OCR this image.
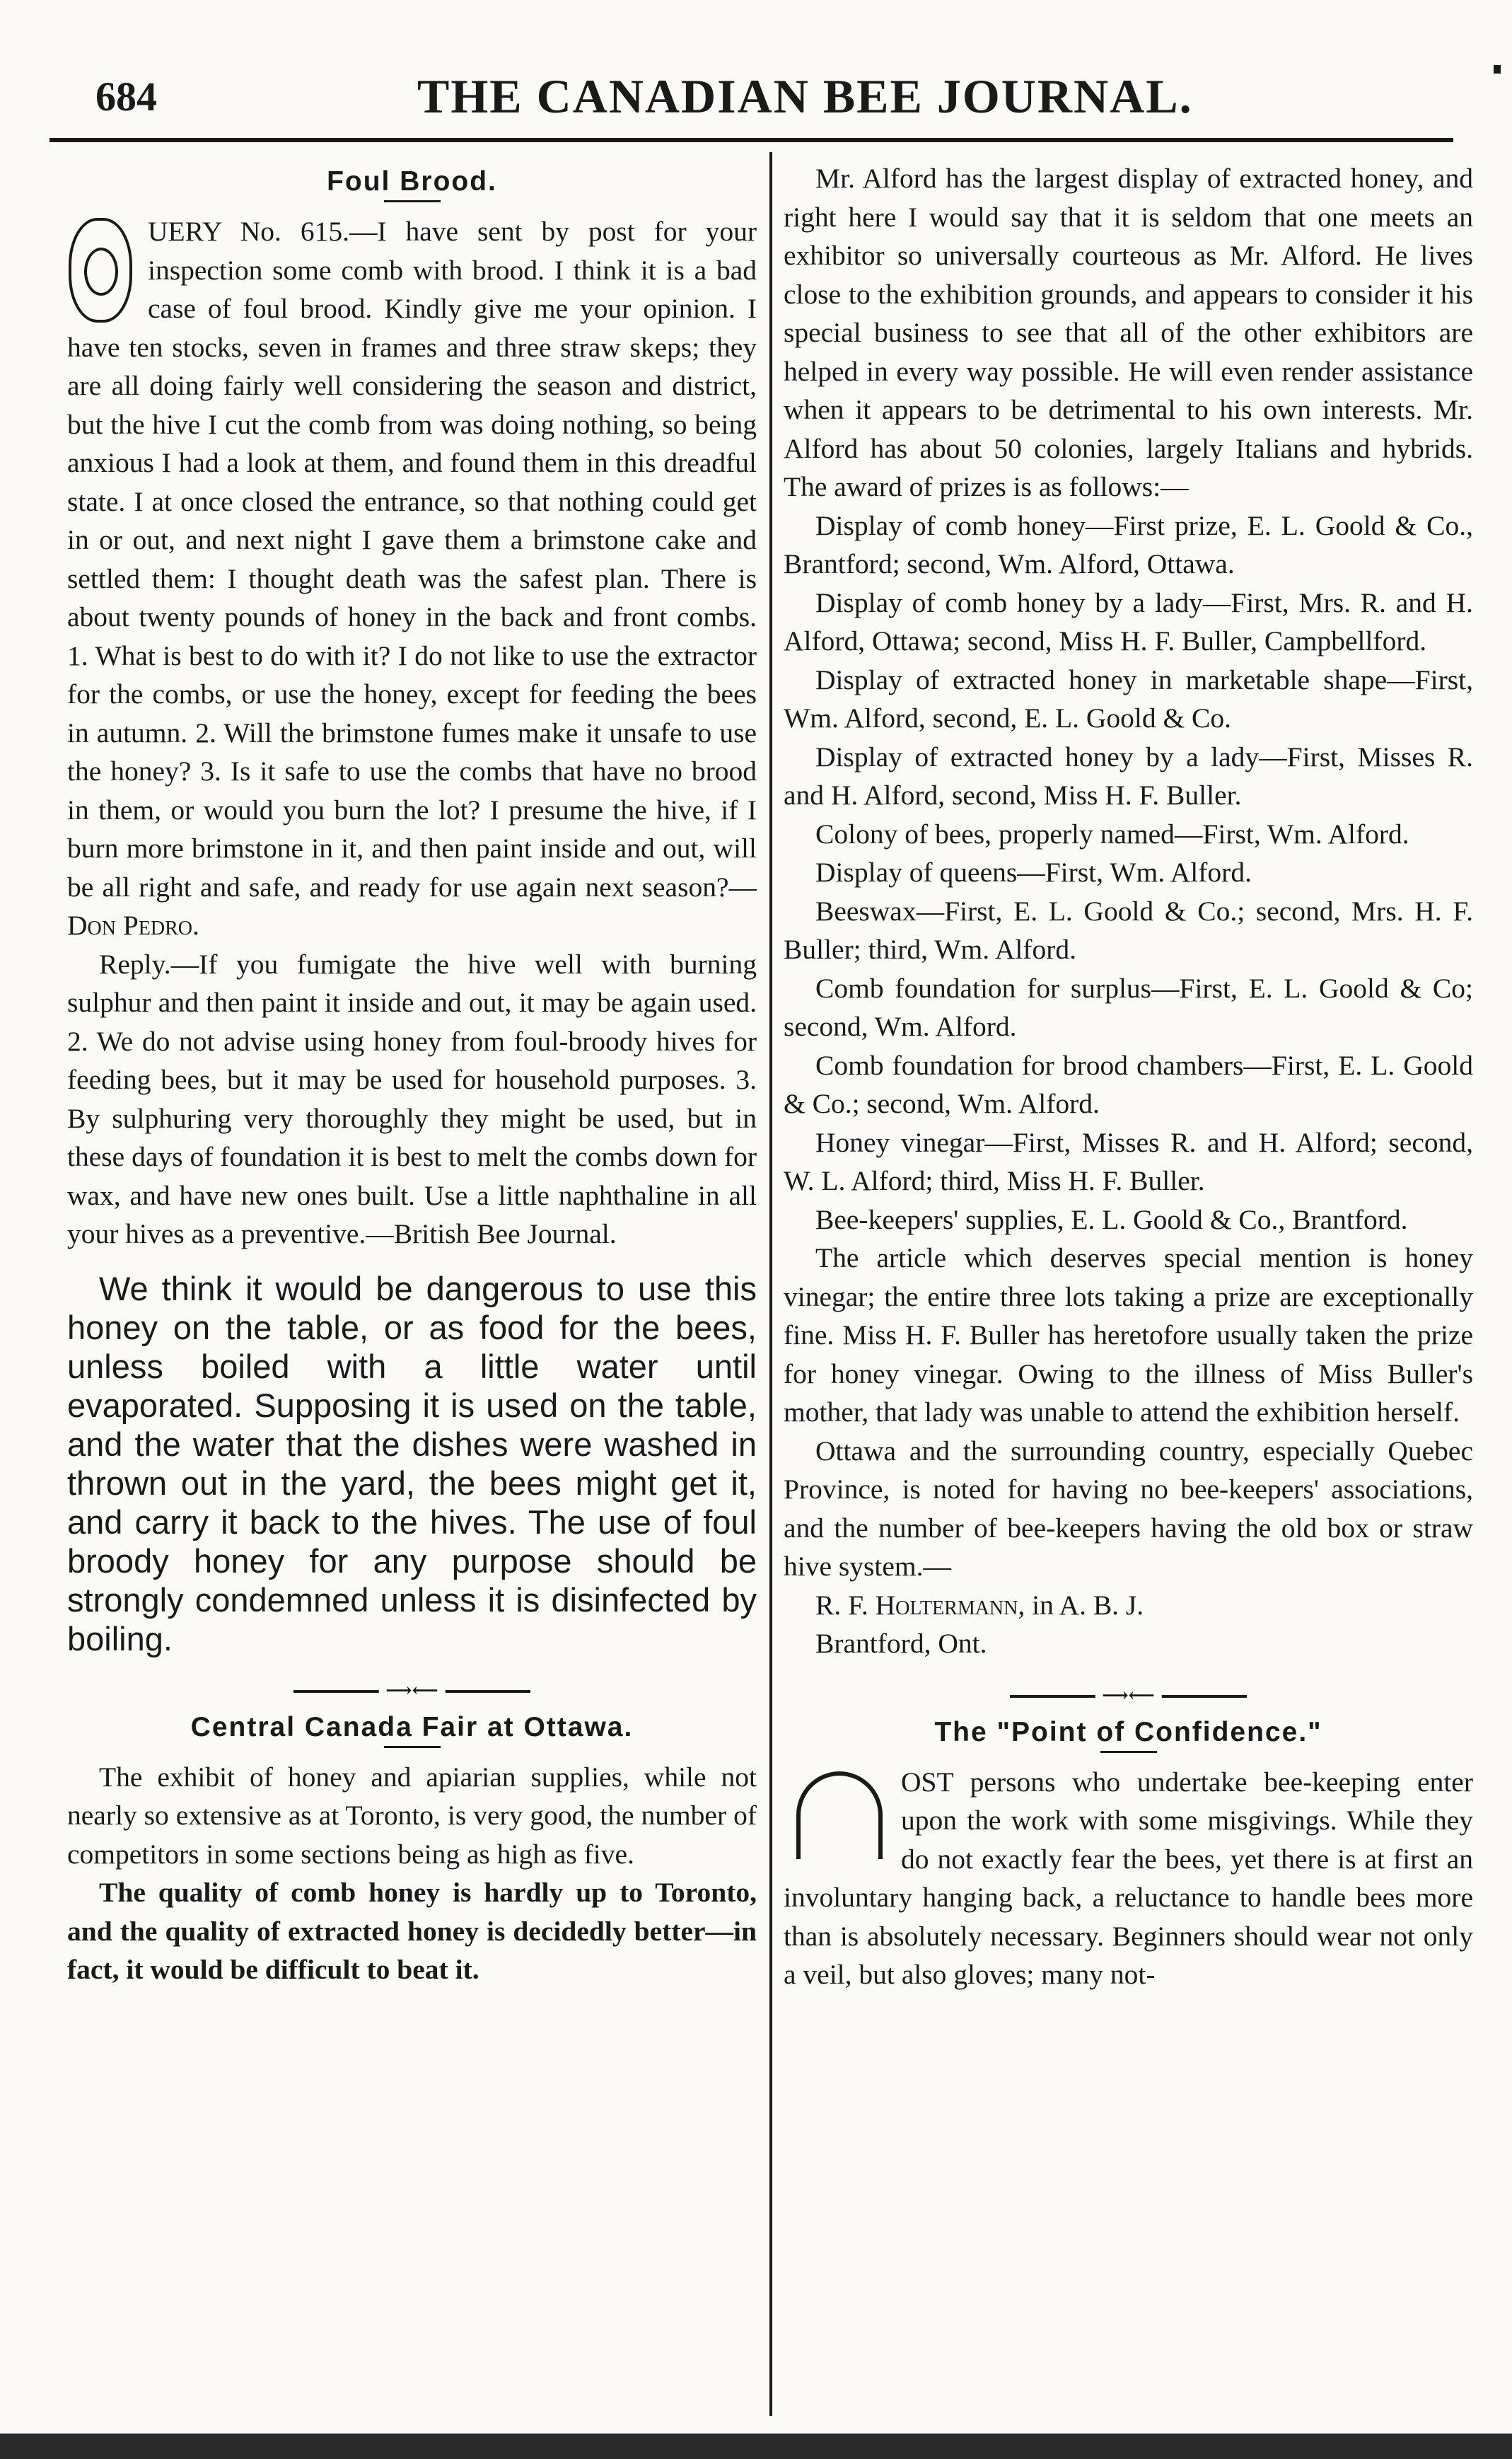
684	THE CANADIAN BEE JOURNAL.
Foul Brood.

UERY No. 615.—I have sent by post for your inspection some comb with brood. I think it is a bad case of foul brood. Kindly give me your opinion. I have ten stocks, seven in frames and three straw skeps; they are all doing fairly well considering the season and district, but the hive I cut the comb from was doing nothing, so being anxious I had a look at them, and found them in this dreadful state. I at once closed the entrance, so that nothing could get in or out, and next night I gave them a brimstone cake and settled them: I thought death was the safest plan. There is about twenty pounds of honey in the back and front combs. 1. What is best to do with it? I do not like to use the extractor for the combs, or use the honey, except for feeding the bees in autumn. 2. Will the brimstone fumes make it unsafe to use the honey? 3. Is it safe to use the combs that have no brood in them, or would you burn the lot? I presume the hive, if I burn more brimstone in it, and then paint inside and out, will be all right and safe, and ready for use again next season?—Don Pedro.

Reply.—If you fumigate the hive well with burning sulphur and then paint it inside and out, it may be again used. 2. We do not advise using honey from foul-broody hives for feeding bees, but it may be used for household purposes. 3. By sulphuring very thoroughly they might be used, but in these days of foundation it is best to melt the combs down for wax, and have new ones built. Use a little naphthaline in all your hives as a preventive.—British Bee Journal.

We think it would be dangerous to use this honey on the table, or as food for the bees, unless boiled with a little water until evaporated. Supposing it is used on the table, and the water that the dishes were washed in thrown out in the yard, the bees might get it, and carry it back to the hives. The use of foul broody honey for any purpose should be strongly condemned unless it is disinfected by boiling.

⟶⟵
Central Canada Fair at Ottawa.

The exhibit of honey and apiarian supplies, while not nearly so extensive as at Toronto, is very good, the number of competitors in some sections being as high as five.

The quality of comb honey is hardly up to Toronto, and the quality of extracted honey is decidedly better—in fact, it would be difficult to beat it.

Mr. Alford has the largest display of extracted honey, and right here I would say that it is seldom that one meets an exhibitor so universally courteous as Mr. Alford. He lives close to the exhibition grounds, and appears to consider it his special business to see that all of the other exhibitors are helped in every way possible. He will even render assistance when it appears to be detrimental to his own interests. Mr. Alford has about 50 colonies, largely Italians and hybrids. The award of prizes is as follows:—

Display of comb honey—First prize, E. L. Goold & Co., Brantford; second, Wm. Alford, Ottawa.

Display of comb honey by a lady—First, Mrs. R. and H. Alford, Ottawa; second, Miss H. F. Buller, Campbellford.

Display of extracted honey in marketable shape—First, Wm. Alford, second, E. L. Goold & Co.

Display of extracted honey by a lady—First, Misses R. and H. Alford, second, Miss H. F. Buller.

Colony of bees, properly named—First, Wm. Alford.

Display of queens—First, Wm. Alford.

Beeswax—First, E. L. Goold & Co.; second, Mrs. H. F. Buller; third, Wm. Alford.

Comb foundation for surplus—First, E. L. Goold & Co; second, Wm. Alford.

Comb foundation for brood chambers—First, E. L. Goold & Co.; second, Wm. Alford.

Honey vinegar—First, Misses R. and H. Alford; second, W. L. Alford; third, Miss H. F. Buller.

Bee-keepers' supplies, E. L. Goold & Co., Brantford.

The article which deserves special mention is honey vinegar; the entire three lots taking a prize are exceptionally fine. Miss H. F. Buller has heretofore usually taken the prize for honey vinegar. Owing to the illness of Miss Buller's mother, that lady was unable to attend the exhibition herself.

Ottawa and the surrounding country, especially Quebec Province, is noted for having no bee-keepers' associations, and the number of bee-keepers having the old box or straw hive system.—

R. F. Holtermann, in A. B. J.

Brantford, Ont.

⟶⟵
The "Point of Confidence."

OST persons who undertake bee-keeping enter upon the work with some misgivings. While they do not exactly fear the bees, yet there is at first an involuntary hanging back, a reluctance to handle bees more than is absolutely necessary. Beginners should wear not only a veil, but also gloves; many not-
